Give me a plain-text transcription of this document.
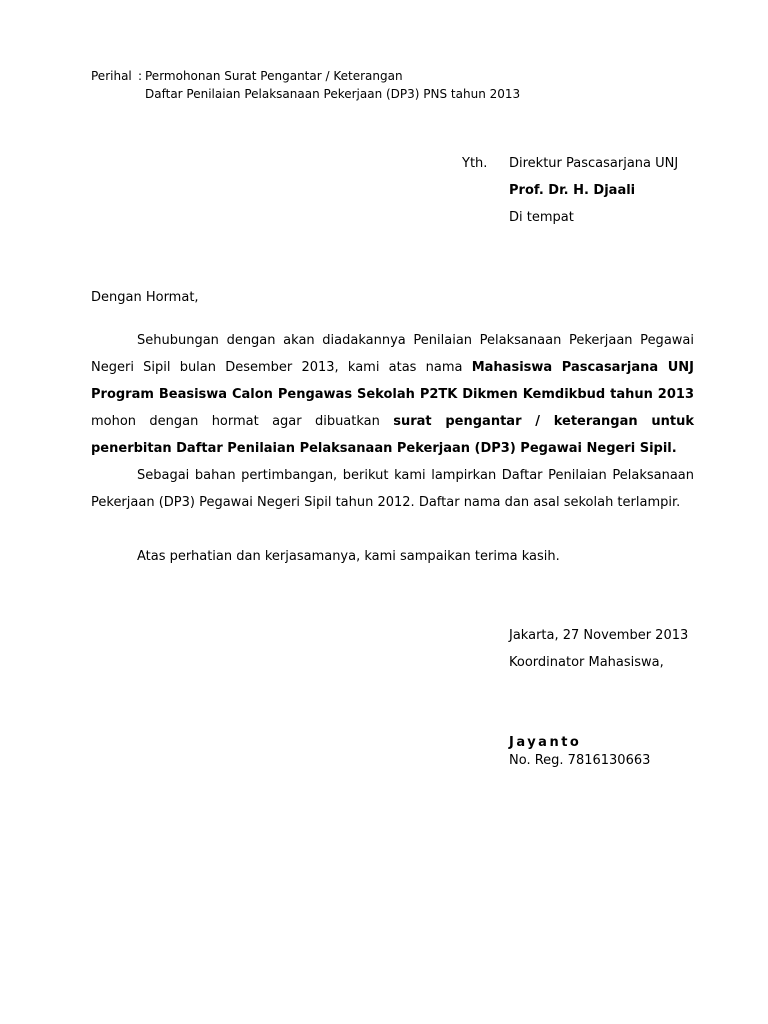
Perihal : Permohonan Surat Pengantar / Keterangan
Daftar Penilaian Pelaksanaan Pekerjaan (DP3) PNS tahun 2013
Yth. Direktur Pascasarjana UNJ
Prof. Dr. H. Djaali
Di tempat
Dengan Hormat,
Sehubungan dengan akan diadakannya Penilaian Pelaksanaan Pekerjaan Pegawai Negeri Sipil bulan Desember 2013, kami atas nama Mahasiswa Pascasarjana UNJ Program Beasiswa Calon Pengawas Sekolah P2TK Dikmen Kemdikbud tahun 2013 mohon dengan hormat agar dibuatkan surat pengantar / keterangan untuk penerbitan Daftar Penilaian Pelaksanaan Pekerjaan (DP3) Pegawai Negeri Sipil.
Sebagai bahan pertimbangan, berikut kami lampirkan Daftar Penilaian Pelaksanaan Pekerjaan (DP3) Pegawai Negeri Sipil tahun 2012. Daftar nama dan asal sekolah terlampir.
Atas perhatian dan kerjasamanya, kami sampaikan terima kasih.
Jakarta, 27 November 2013
Koordinator Mahasiswa,
Jayanto
No. Reg. 7816130663
